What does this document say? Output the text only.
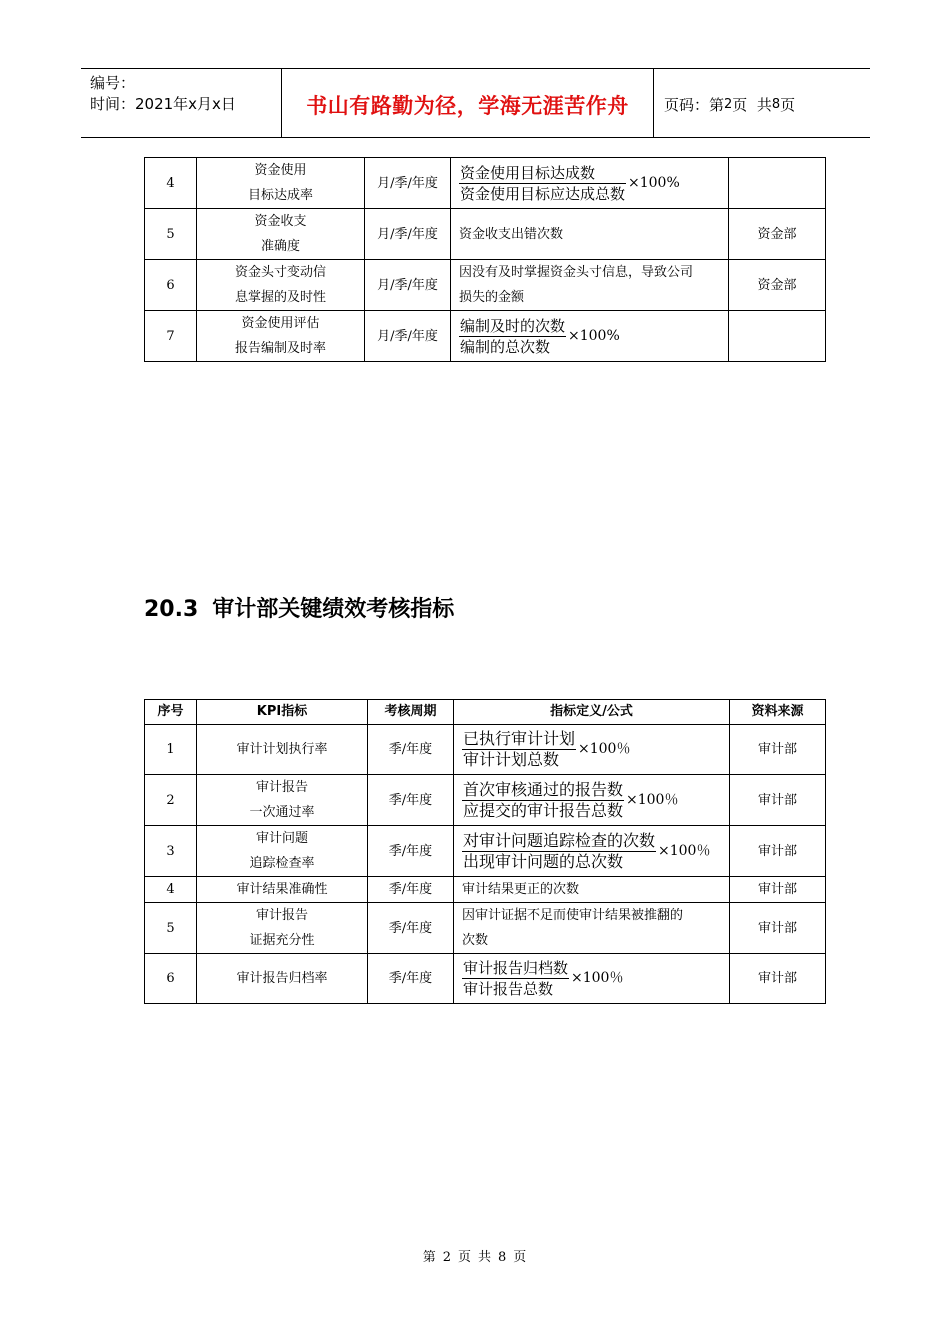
编号：
时间：2021年x月x日	书山有路勤为径，学海无涯苦作舟	页码：第 2 页  共 8 页
4	资金使用
目标达成率	月/季/年度	$\frac{\text{资金使用目标达成数}}{\text{资金使用目标应达成总数}} \times 100\%$	

5	资金收支
准确度	月/季/年度	资金收支出错次数	资金部
6	资金头寸变动信
息掌握的及时性	月/季/年度	因没有及时掌握资金头寸信息，导致公司
损失的金额	资金部
7	资金使用评估
报告编制及时率	月/季/年度	$\frac{\text{编制及时的次数}}{\text{编制的总次数}} \times 100\%$	

20.3 审计部关键绩效考核指标
序号	KPI指标	考核周期	指标定义/公式	资料来源
1	审计计划执行率	季/年度	$\frac{\text{已执行审计计划}}{\text{审计计划总数}} \times 100$％	审计部
2	审计报告
一次通过率	季/年度	$\frac{\text{首次审核通过的报告数}}{\text{应提交的审计报告总数}} \times 100$％	审计部
3	审计问题
追踪检查率	季/年度	$\frac{\text{对审计问题追踪检查的次数}}{\text{出现审计问题的总次数}} \times 100$％	审计部
4	审计结果准确性	季/年度	审计结果更正的次数	审计部
5	审计报告
证据充分性	季/年度	因审计证据不足而使审计结果被推翻的
次数	审计部
6	审计报告归档率	季/年度	$\frac{\text{审计报告归档数}}{\text{审计报告总数}} \times 100$％	审计部
第 2 页 共 8 页
